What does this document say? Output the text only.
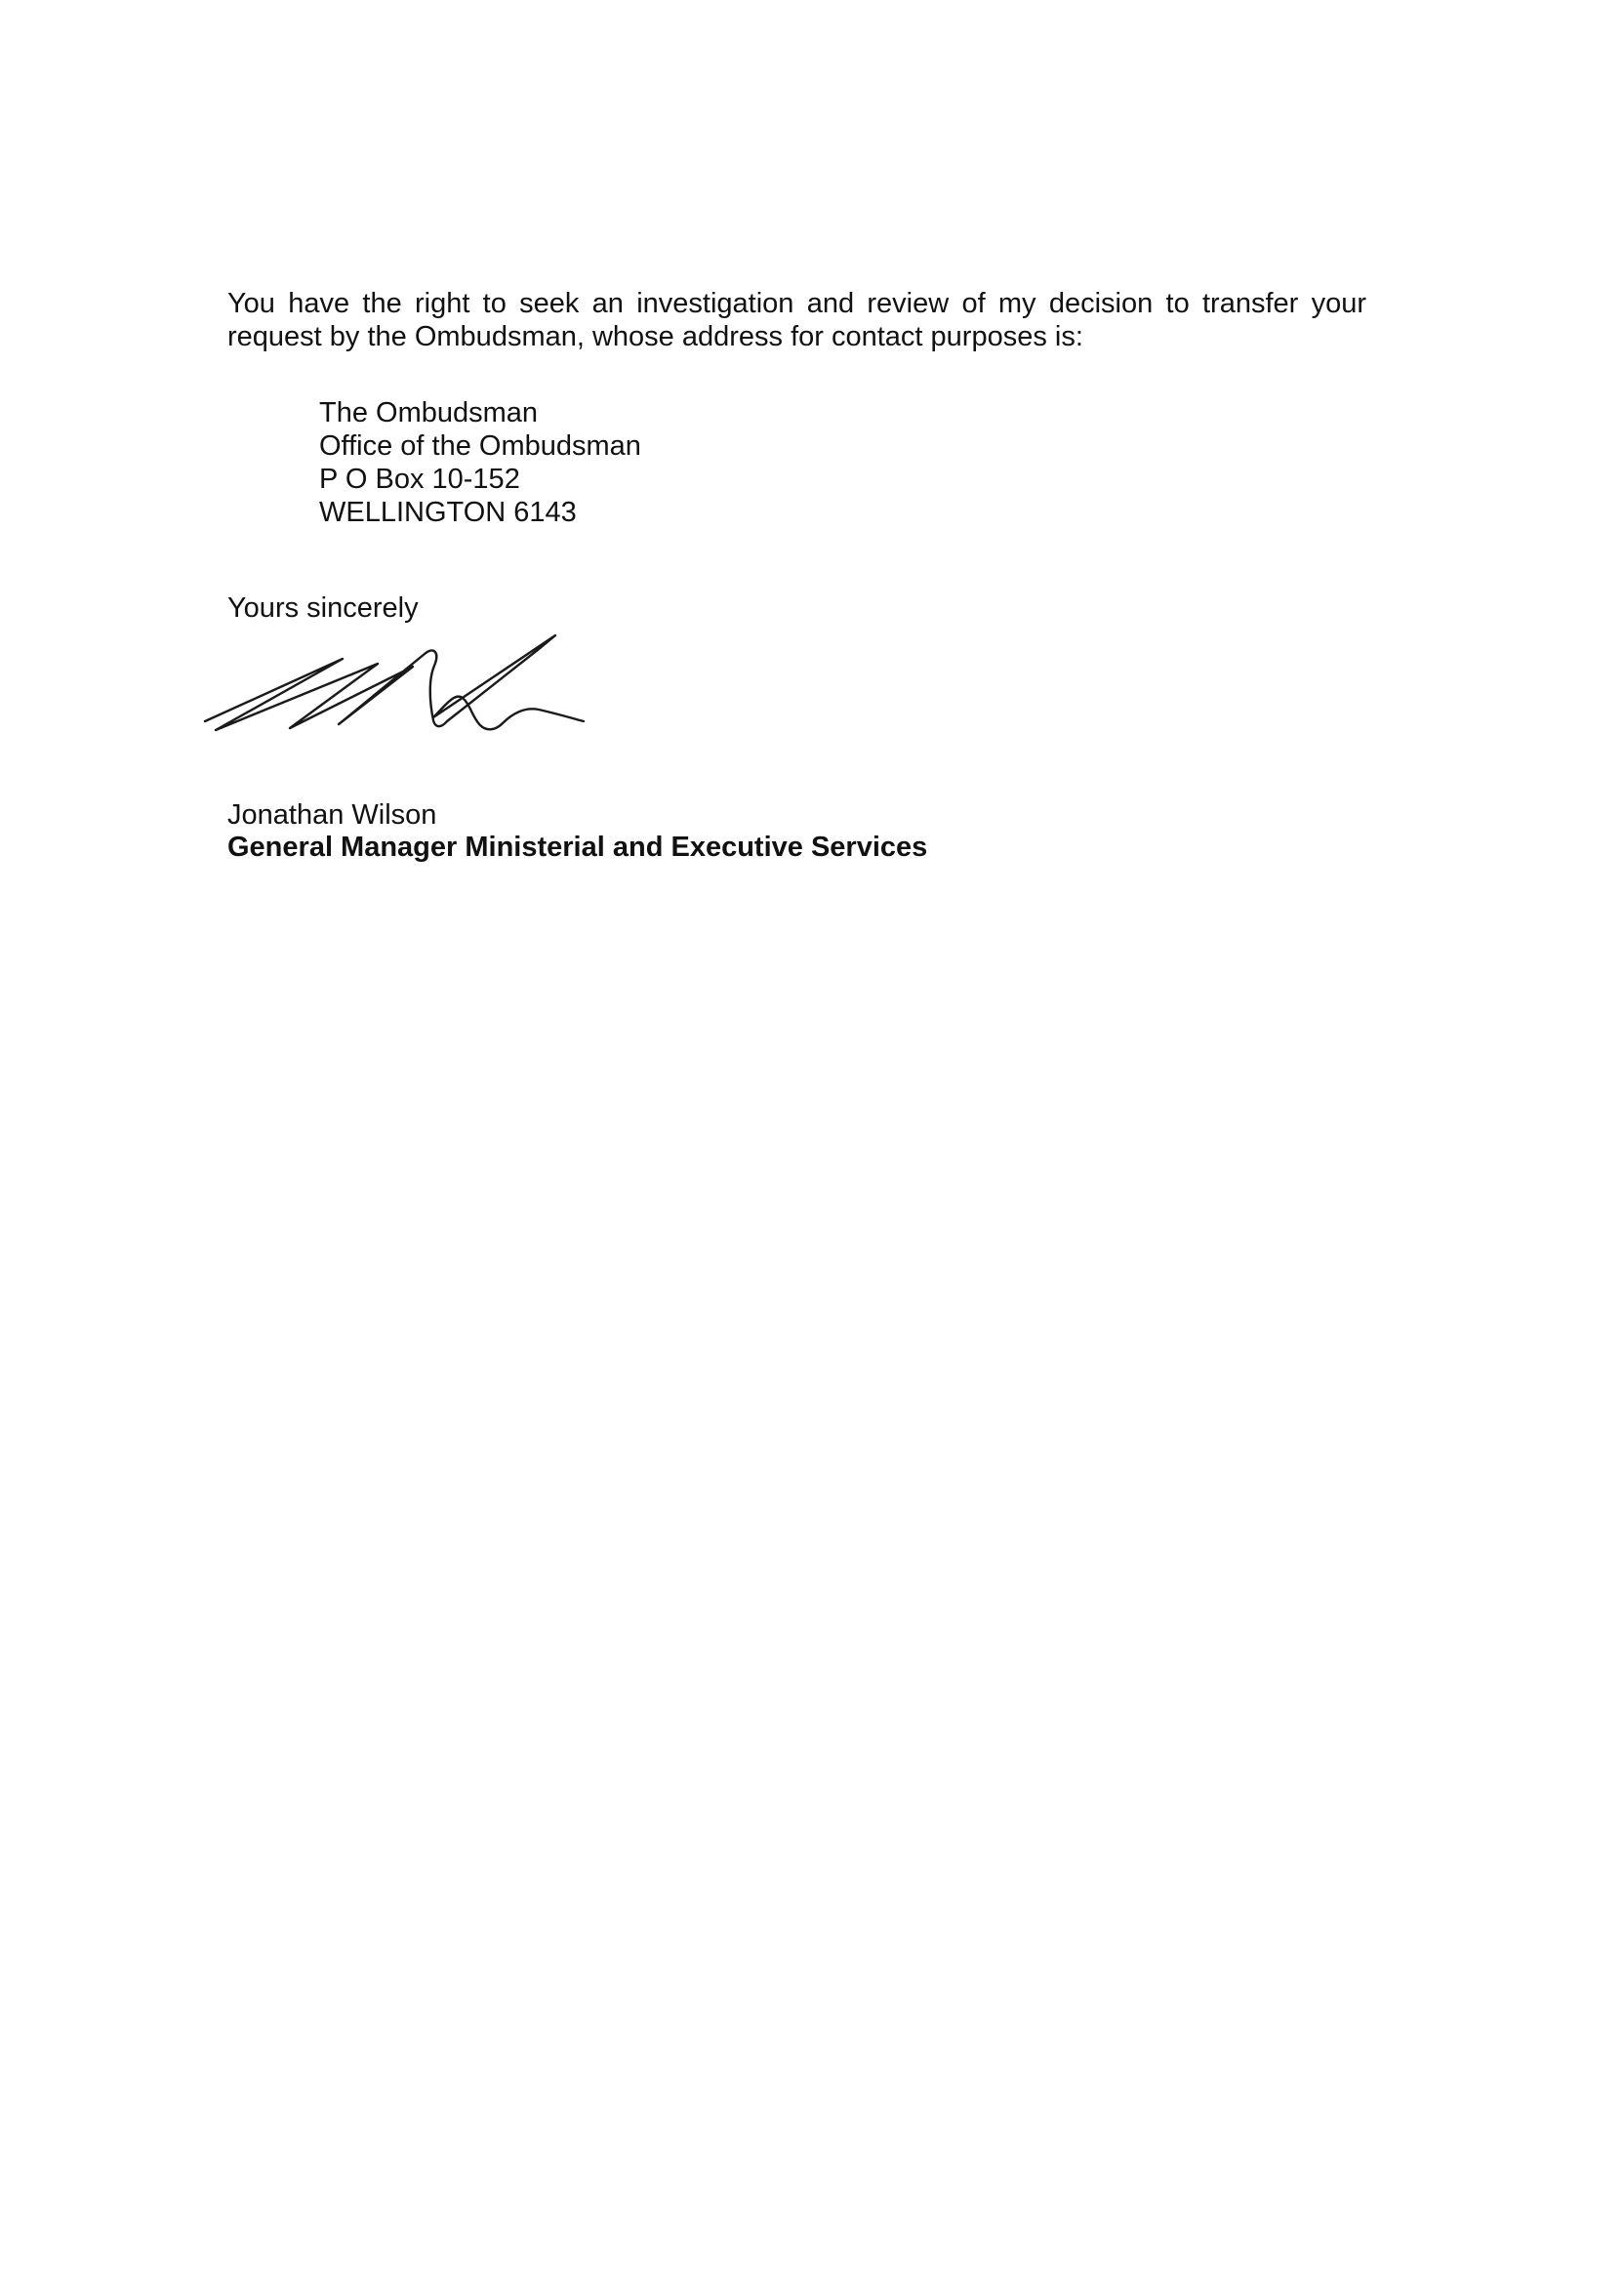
You have the right to seek an investigation and review of my decision to transfer your request by the Ombudsman, whose address for contact purposes is:

The Ombudsman
Office of the Ombudsman
P O Box 10-152
WELLINGTON 6143
Yours sincerely
Jonathan Wilson
General Manager Ministerial and Executive Services
